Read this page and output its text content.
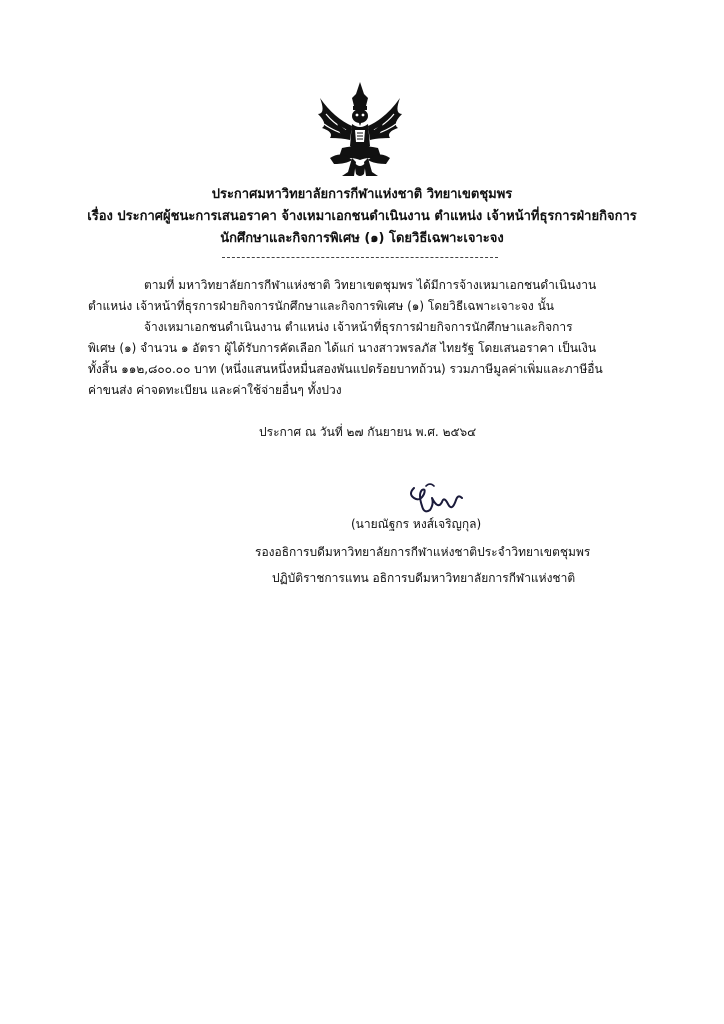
ประกาศมหาวิทยาลัยการกีฬาแห่งชาติ วิทยาเขตชุมพร
เรื่อง ประกาศผู้ชนะการเสนอราคา จ้างเหมาเอกชนดำเนินงาน ตำแหน่ง เจ้าหน้าที่ธุรการฝ่ายกิจการ
นักศึกษาและกิจการพิเศษ (๑) โดยวิธีเฉพาะเจาะจง
ตามที่ มหาวิทยาลัยการกีฬาแห่งชาติ วิทยาเขตชุมพร ได้มีการจ้างเหมาเอกชนดำเนินงาน
ตำแหน่ง เจ้าหน้าที่ธุรการฝ่ายกิจการนักศึกษาและกิจการพิเศษ (๑) โดยวิธีเฉพาะเจาะจง นั้น
จ้างเหมาเอกชนดำเนินงาน ตำแหน่ง เจ้าหน้าที่ธุรการฝ่ายกิจการนักศึกษาและกิจการ
พิเศษ (๑) จำนวน ๑ อัตรา ผู้ได้รับการคัดเลือก ได้แก่ นางสาวพรลภัส ไทยรัฐ โดยเสนอราคา เป็นเงิน
ทั้งสิ้น ๑๑๒,๘๐๐.๐๐ บาท (หนึ่งแสนหนึ่งหมื่นสองพันแปดร้อยบาทถ้วน) รวมภาษีมูลค่าเพิ่มและภาษีอื่น
ค่าขนส่ง ค่าจดทะเบียน และค่าใช้จ่ายอื่นๆ ทั้งปวง
ประกาศ ณ วันที่ ๒๗ กันยายน พ.ศ. ๒๕๖๔
(นายณัฐกร หงส์เจริญกุล)
รองอธิการบดีมหาวิทยาลัยการกีฬาแห่งชาติประจำวิทยาเขตชุมพร
ปฏิบัติราชการแทน อธิการบดีมหาวิทยาลัยการกีฬาแห่งชาติ
